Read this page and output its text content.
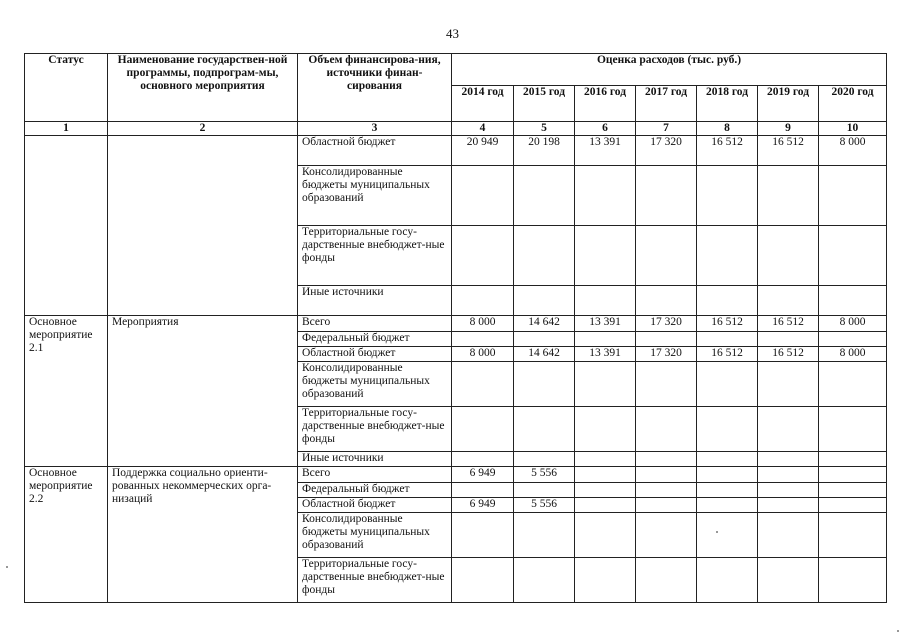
43
Статус	Наименование государствен-ной программы, подпрограм-мы, основного мероприятия	Объем финансирова-ния, источники финан-сирования	Оценка расходов (тыс. руб.)						
			2014 год	2015 год	2016 год	2017 год	2018 год	2019 год	2020 год
1	2	3	4	5	6	7	8	9	10
		Областной бюджет	20 949	20 198	13 391	17 320	16 512	16 512	8 000
		Консолидированные бюджеты муниципальных образований							
		Территориальные госу-дарственные внебюджет-ные фонды							
		Иные источники							
Основное мероприятие 2.1	Мероприятия	Всего	8 000	14 642	13 391	17 320	16 512	16 512	8 000
		Федеральный бюджет							
		Областной бюджет	8 000	14 642	13 391	17 320	16 512	16 512	8 000
		Консолидированные бюджеты муниципальных образований							
		Территориальные госу-дарственные внебюджет-ные фонды							
		Иные источники							
Основное мероприятие 2.2	Поддержка социально ориенти-рованных некоммерческих орга-низаций	Всего	6 949	5 556					
		Федеральный бюджет							
		Областной бюджет	6 949	5 556					
		Консолидированные бюджеты муниципальных образований							
		Территориальные госу-дарственные внебюджет-ные фонды							
